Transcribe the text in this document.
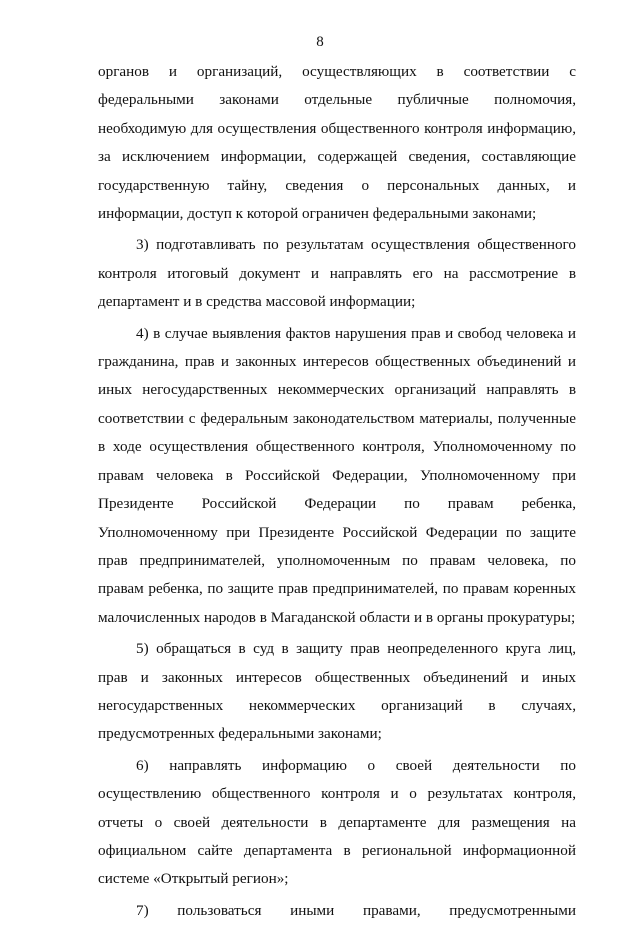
8

органов и организаций, осуществляющих в соответствии с федеральными законами отдельные публичные полномочия, необходимую для осуществления общественного контроля информацию, за исключением информации, содержащей сведения, составляющие государственную тайну, сведения о персональных данных, и информации, доступ к которой ограничен федеральными законами;

3) подготавливать по результатам осуществления общественного контроля итоговый документ и направлять его на рассмотрение в департамент и в средства массовой информации;

4) в случае выявления фактов нарушения прав и свобод человека и гражданина, прав и законных интересов общественных объединений и иных негосударственных некоммерческих организаций направлять в соответствии с федеральным законодательством материалы, полученные в ходе осуществления общественного контроля, Уполномоченному по правам человека в Российской Федерации, Уполномоченному при Президенте Российской Федерации по правам ребенка, Уполномоченному при Президенте Российской Федерации по защите прав предпринимателей, уполномоченным по правам человека, по правам ребенка, по защите прав предпринимателей, по правам коренных малочисленных народов в Магаданской области и в органы прокуратуры;

5) обращаться в суд в защиту прав неопределенного круга лиц, прав и законных интересов общественных объединений и иных негосударственных некоммерческих организаций в случаях, предусмотренных федеральными законами;

6) направлять информацию о своей деятельности по осуществлению общественного контроля и о результатах контроля, отчеты о своей деятельности в департаменте для размещения на официальном сайте департамента в региональной информационной системе «Открытый регион»;

7) пользоваться иными правами, предусмотренными
